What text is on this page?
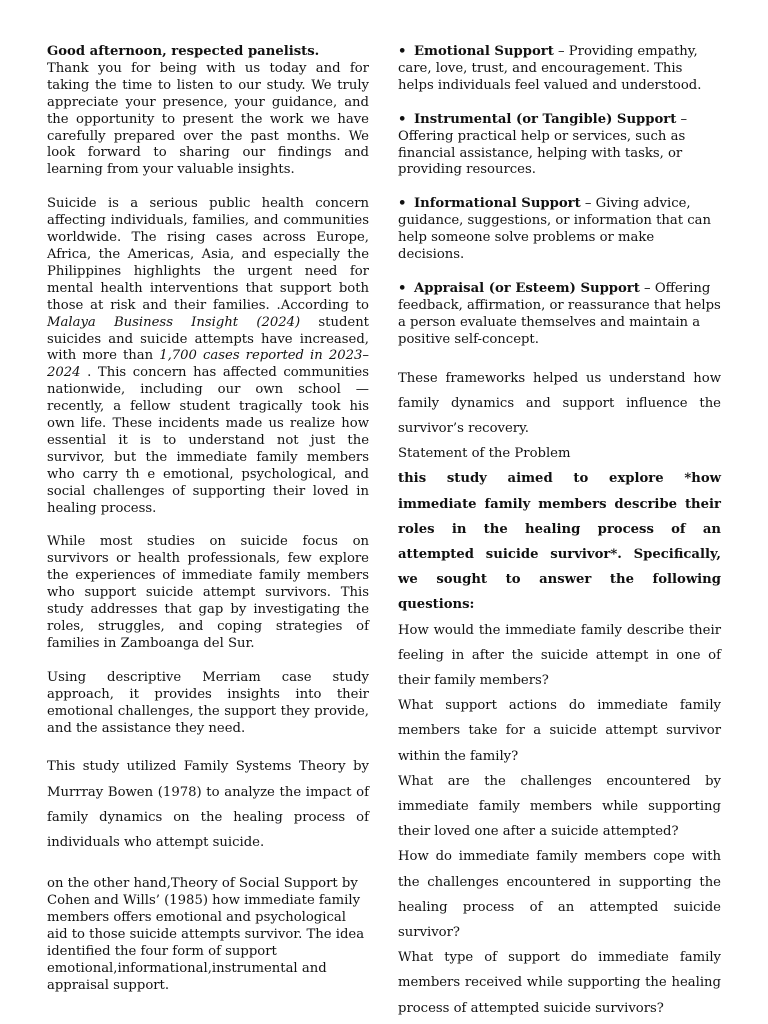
Good afternoon, respected panelists.

Thank you for being with us today and for taking the time to listen to our study. We truly appreciate your presence, your guidance, and the opportunity to present the work we have carefully prepared over the past months. We look forward to sharing our findings and learning from your valuable insights.

Suicide is a serious public health concern affecting individuals, families, and communities worldwide. The rising cases across Europe, Africa, the Americas, Asia, and especially the Philippines highlights the urgent need for mental health interventions that support both those at risk and their families. .According to Malaya Business Insight (2024) student suicides and suicide attempts have increased, with more than 1,700 cases reported in 2023–2024 . This concern has affected communities nationwide, including our own school —recently, a fellow student tragically took his own life. These incidents made us realize how essential it is to understand not just the survivor, but the immediate family members who carry th e emotional, psychological, and social challenges of supporting their loved in healing process.

While most studies on suicide focus on survivors or health professionals, few explore the experiences of immediate family members who support suicide attempt survivors. This study addresses that gap by investigating the roles, struggles, and coping strategies of families in Zamboanga del Sur.

Using descriptive Merriam case study approach, it provides insights into their emotional challenges, the support they provide, and the assistance they need.

This study utilized Family Systems Theory by Murrray Bowen (1978) to analyze the impact of family dynamics on the healing process of individuals who attempt suicide.

on the other hand,Theory of Social Support by Cohen and Wills’ (1985) how immediate family members offers emotional and psychological aid to those suicide attempts survivor. The idea identified the four form of support emotional,informational,instrumental and appraisal support.

• Emotional Support – Providing empathy, care, love, trust, and encouragement. This helps individuals feel valued and understood.
• Instrumental (or Tangible) Support – Offering practical help or services, such as financial assistance, helping with tasks, or providing resources.
• Informational Support – Giving advice, guidance, suggestions, or information that can help someone solve problems or make decisions.
• Appraisal (or Esteem) Support – Offering feedback, affirmation, or reassurance that helps a person evaluate themselves and maintain a positive self-concept.

These frameworks helped us understand how family dynamics and support influence the survivor’s recovery.

Statement of the Problem

this study aimed to explore *how immediate family members describe their roles in the healing process of an attempted suicide survivor*. Specifically, we sought to answer the following questions:

How would the immediate family describe their feeling in after the suicide attempt in one of their family members?

What support actions do immediate family members take for a suicide attempt survivor within the family?

What are the challenges encountered by immediate family members while supporting their loved one after a suicide attempted?

How do immediate family members cope with the challenges encountered in supporting the healing process of an attempted suicide survivor?

What type of support do immediate family members received while supporting the healing process of attempted suicide survivors?
